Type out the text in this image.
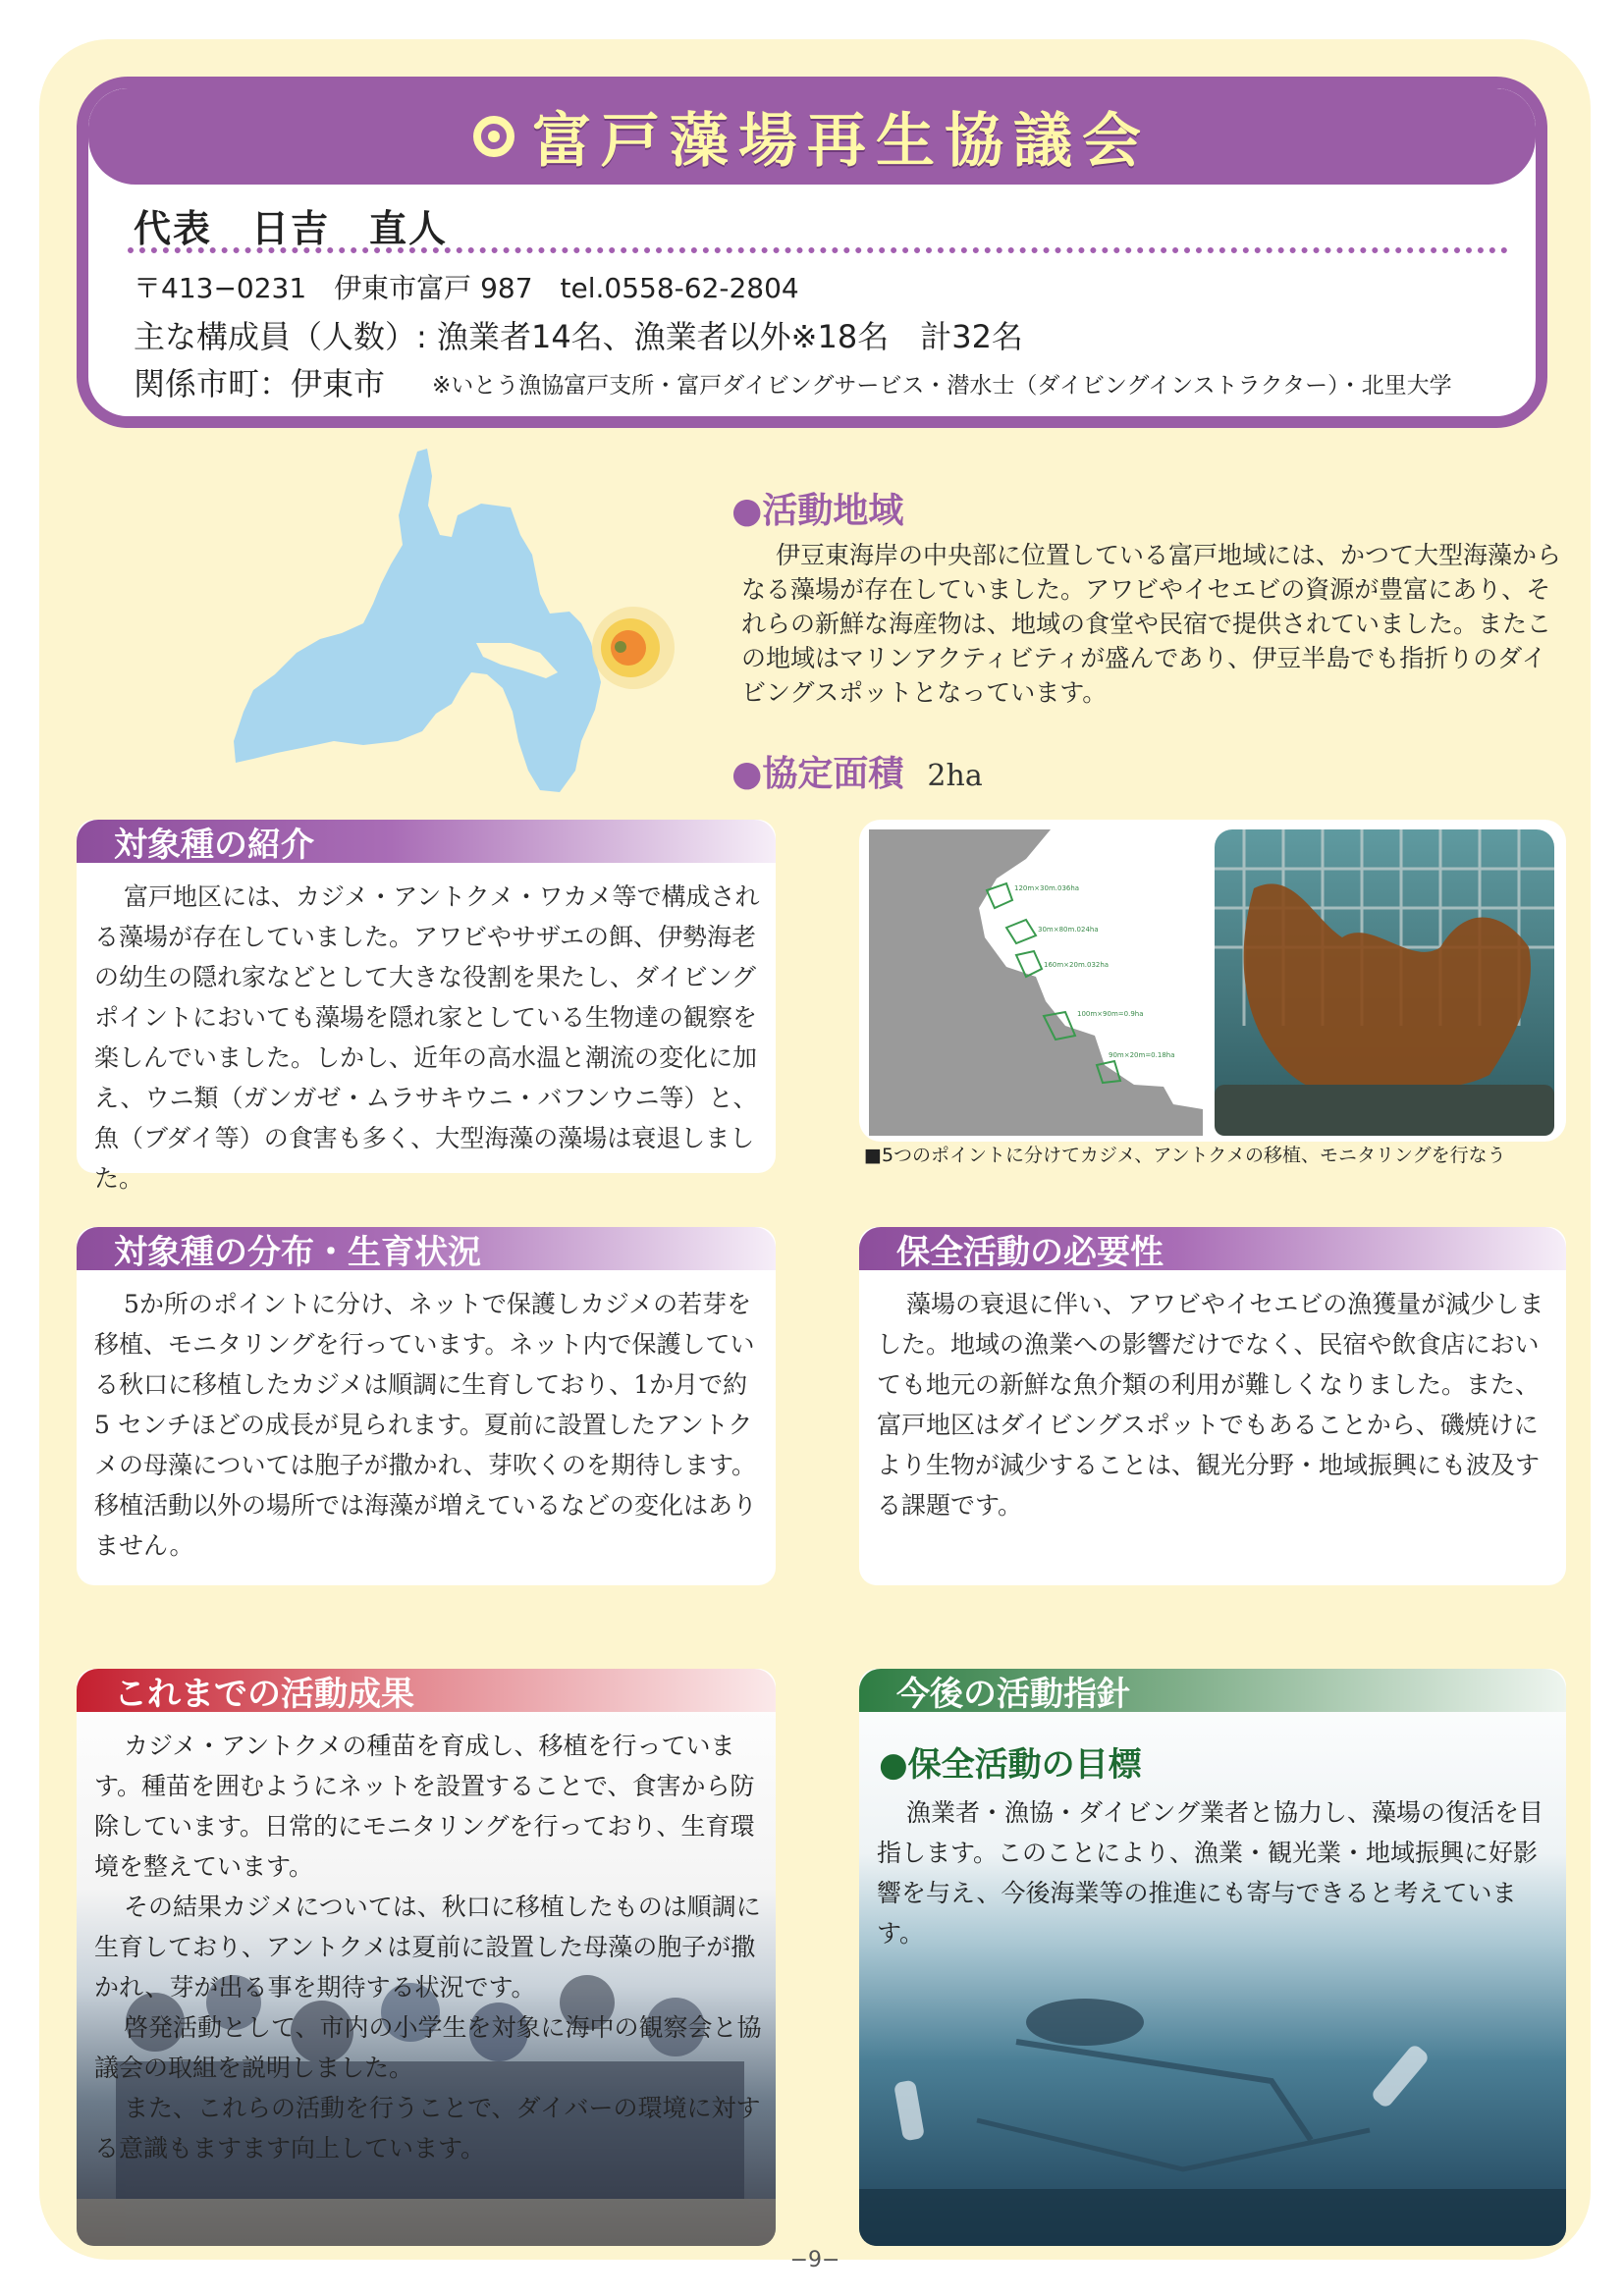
富戸藻場再生協議会
代表　日吉　直人
〒413−0231　伊東市富戸 987　tel.0558-62-2804
主な構成員（人数）: 漁業者14名、漁業者以外※18名　計32名
関係市町：伊東市 ※いとう漁協富戸支所・富戸ダイビングサービス・潜水士（ダイビングインストラクター）・北里大学
●活動地域
伊豆東海岸の中央部に位置している富戸地域には、かつて大型海藻からなる藻場が存在していました。アワビやイセエビの資源が豊富にあり、それらの新鮮な海産物は、地域の食堂や民宿で提供されていました。またこの地域はマリンアクティビティが盛んであり、伊豆半島でも指折りのダイビングスポットとなっています。
●協定面積 2ha
対象種の紹介
富戸地区には、カジメ・アントクメ・ワカメ等で構成される藻場が存在していました。アワビやサザエの餌、伊勢海老の幼生の隠れ家などとして大きな役割を果たし、ダイビングポイントにおいても藻場を隠れ家としている生物達の観察を楽しんでいました。しかし、近年の高水温と潮流の変化に加え、ウニ類（ガンガゼ・ムラサキウニ・バフンウニ等）と、魚（ブダイ等）の食害も多く、大型海藻の藻場は衰退しました。
120m×30m.036ha
30m×80m.024ha
160m×20m.032ha
100m×90m=0.9ha
90m×20m=0.18ha
■5つのポイントに分けてカジメ、アントクメの移植、モニタリングを行なう
対象種の分布・生育状況
5か所のポイントに分け、ネットで保護しカジメの若芽を移植、モニタリングを行っています。ネット内で保護している秋口に移植したカジメは順調に生育しており、1か月で約 5 センチほどの成長が見られます。夏前に設置したアントクメの母藻については胞子が撒かれ、芽吹くのを期待します。移植活動以外の場所では海藻が増えているなどの変化はありません。
保全活動の必要性
藻場の衰退に伴い、アワビやイセエビの漁獲量が減少しました。地域の漁業への影響だけでなく、民宿や飲食店においても地元の新鮮な魚介類の利用が難しくなりました。また、富戸地区はダイビングスポットでもあることから、磯焼けにより生物が減少することは、観光分野・地域振興にも波及する課題です。
これまでの活動成果
カジメ・アントクメの種苗を育成し、移植を行っています。種苗を囲むようにネットを設置することで、食害から防除しています。日常的にモニタリングを行っており、生育環境を整えています。
その結果カジメについては、秋口に移植したものは順調に生育しており、アントクメは夏前に設置した母藻の胞子が撒かれ、芽が出る事を期待する状況です。
啓発活動として、市内の小学生を対象に海中の観察会と協議会の取組を説明しました。
また、これらの活動を行うことで、ダイバーの環境に対する意識もますます向上しています。
今後の活動指針
●保全活動の目標
漁業者・漁協・ダイビング業者と協力し、藻場の復活を目指します。このことにより、漁業・観光業・地域振興に好影響を与え、今後海業等の推進にも寄与できると考えています。
−9−
